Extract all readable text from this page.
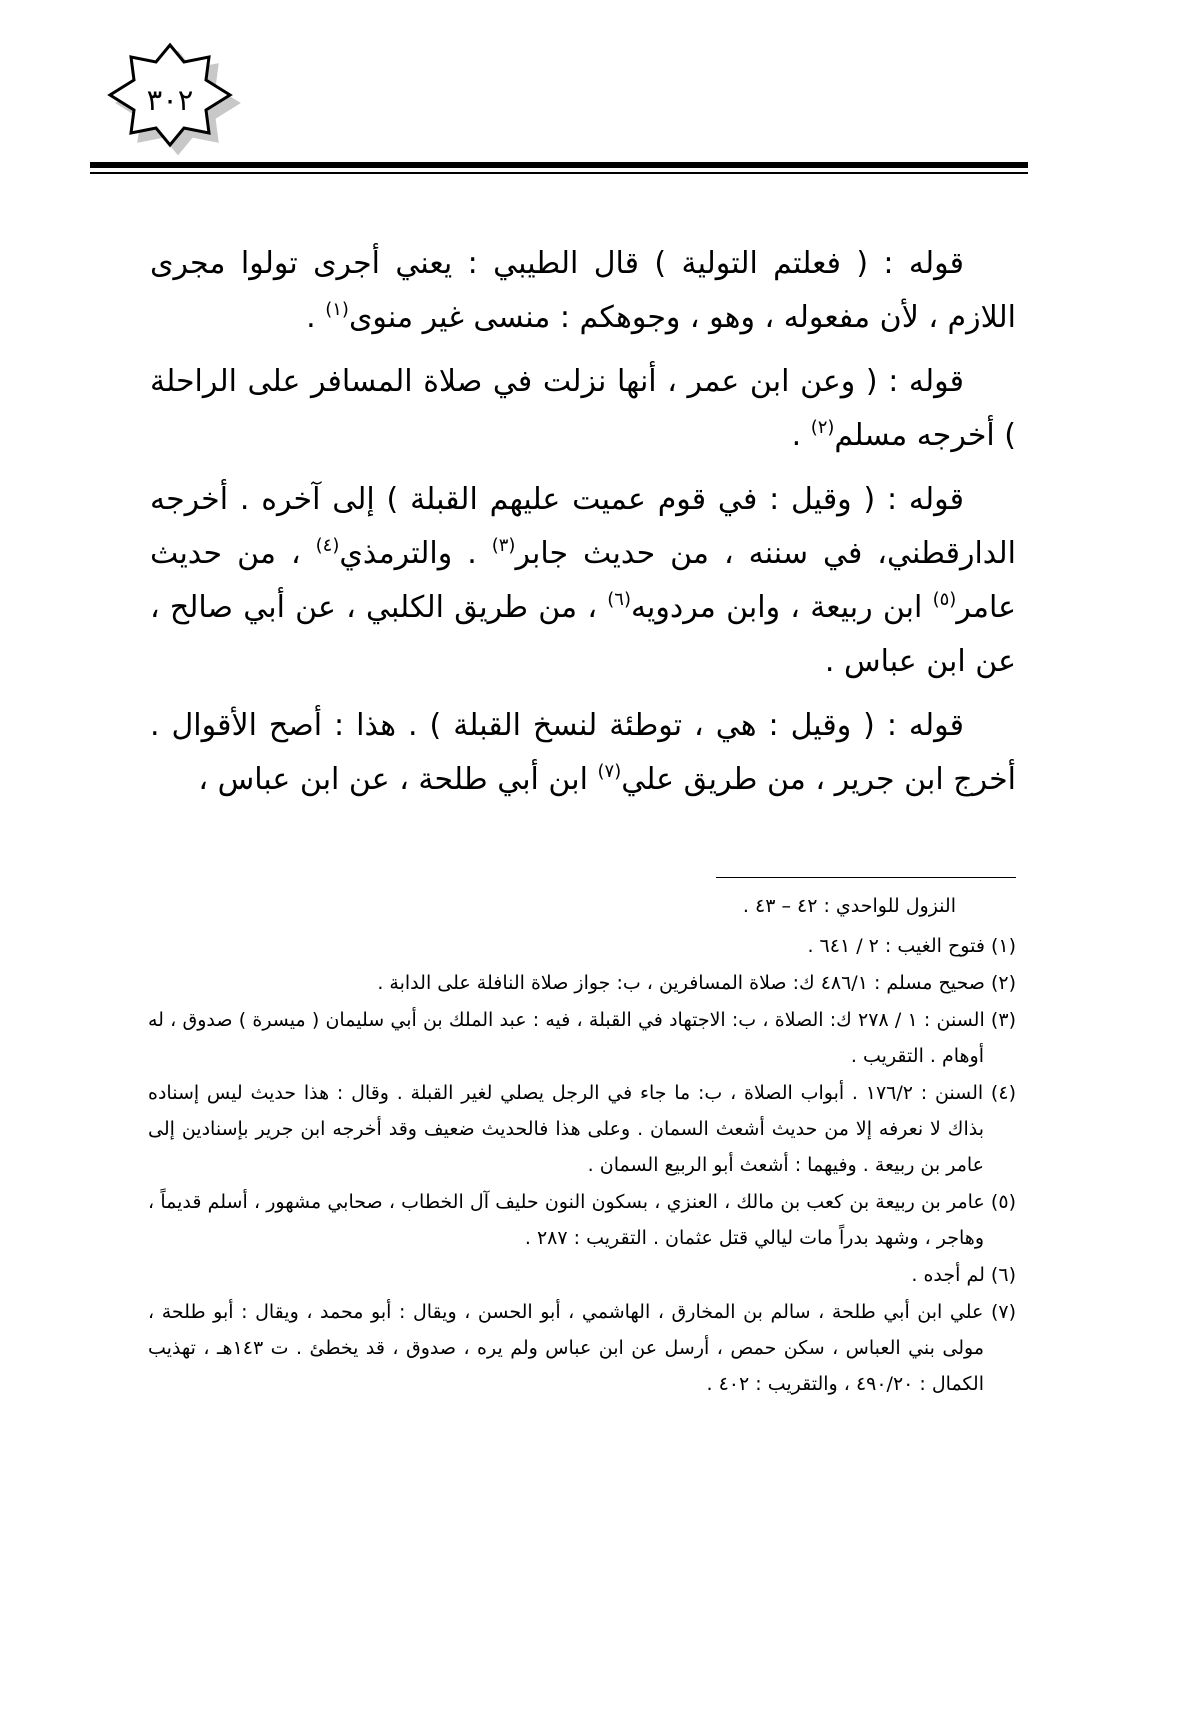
٣٠٢

قوله : ( فعلتم التولية ) قال الطيبي : يعني أجرى تولوا مجرى اللازم ، لأن مفعوله ، وهو ، وجوهكم : منسى غير منوى$^{(١)}$ .

قوله : ( وعن ابن عمر ، أنها نزلت في صلاة المسافر على الراحلة ) أخرجه مسلم$^{(٢)}$ .

قوله : ( وقيل : في قوم عميت عليهم القبلة ) إلى آخره . أخرجه الدارقطني، في سننه ، من حديث جابر$^{(٣)}$ . والترمذي$^{(٤)}$ ، من حديث عامر$^{(٥)}$ ابن ربيعة ، وابن مردويه$^{(٦)}$ ، من طريق الكلبي ، عن أبي صالح ، عن ابن عباس .

قوله : ( وقيل : هي ، توطئة لنسخ القبلة ) . هذا : أصح الأقوال . أخرج ابن جرير ، من طريق علي$^{(٧)}$ ابن أبي طلحة ، عن ابن عباس ،

النزول للواحدي : ٤٢ – ٤٣ .
(١) فتوح الغيب : ٢ / ٦٤١ .
(٢) صحيح مسلم : ٤٨٦/١ ك: صلاة المسافرين ، ب: جواز صلاة النافلة على الدابة .
(٣) السنن : ١ / ٢٧٨ ك: الصلاة ، ب: الاجتهاد في القبلة ، فيه : عبد الملك بن أبي سليمان ( ميسرة ) صدوق ، له أوهام . التقريب .
(٤) السنن : ١٧٦/٢ . أبواب الصلاة ، ب: ما جاء في الرجل يصلي لغير القبلة . وقال : هذا حديث ليس إسناده بذاك لا نعرفه إلا من حديث أشعث السمان . وعلى هذا فالحديث ضعيف وقد أخرجه ابن جرير بإسنادين إلى عامر بن ربيعة . وفيهما : أشعث أبو الربيع السمان .
(٥) عامر بن ربيعة بن كعب بن مالك ، العنزي ، بسكون النون حليف آل الخطاب ، صحابي مشهور ، أسلم قديماً ، وهاجر ، وشهد بدراً مات ليالي قتل عثمان . التقريب : ٢٨٧ .
(٦) لم أجده .
(٧) علي ابن أبي طلحة ، سالم بن المخارق ، الهاشمي ، أبو الحسن ، ويقال : أبو محمد ، ويقال : أبو طلحة ، مولى بني العباس ، سكن حمص ، أرسل عن ابن عباس ولم يره ، صدوق ، قد يخطئ . ت ١٤٣هـ ، تهذيب الكمال : ٤٩٠/٢٠ ، والتقريب : ٤٠٢ .
